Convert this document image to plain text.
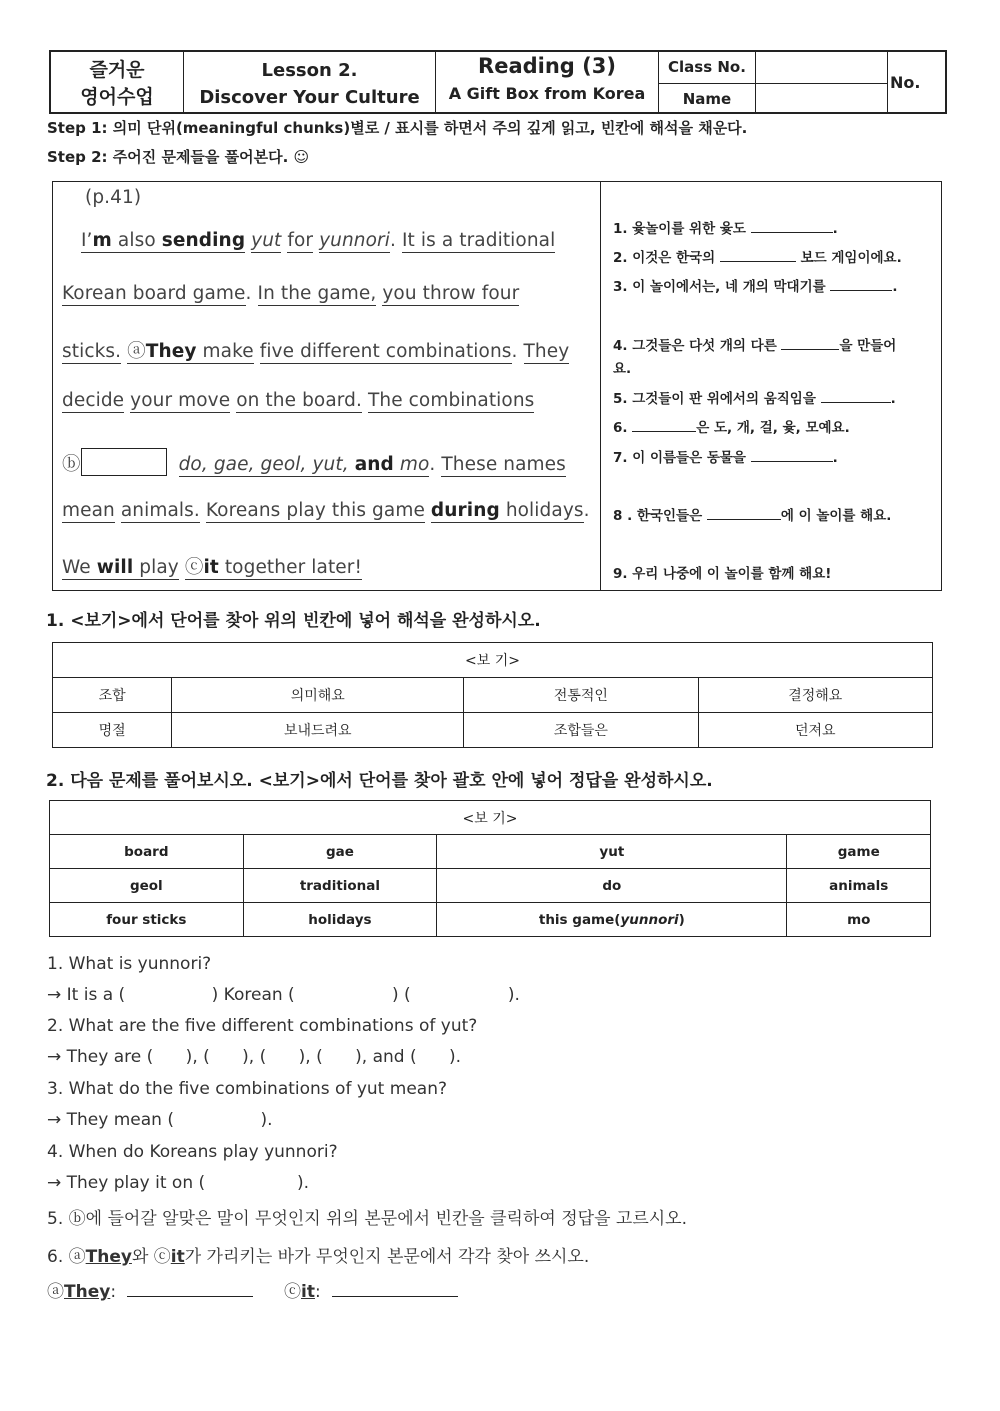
즐거운
영어수업
Lesson 2.
Discover Your Culture
Reading (3)
A Gift Box from Korea
Class No.
Name
No.
Step 1: 의미 단위(meaningful chunks)별로 / 표시를 하면서 주의 깊게 읽고, 빈칸에 해석을 채운다.
Step 2: 주어진 문제들을 풀어본다. ☺
(p.41)
I’m also sending yut for yunnori. It is a traditional
Korean board game. In the game, you throw four
sticks. ⓐThey make five different combinations. They
decide your move on the board. The combinations
ⓑ	do, gae, geol, yut, and mo. These names
mean animals. Koreans play this game during holidays.
We will play ⓒit together later!
1. 윷놀이를 위한 윷도	.
2. 이것은 한국의	보드 게임이에요.
3. 이 놀이에서는, 네 개의 막대기를	.
4. 그것들은 다섯 개의 다른	을 만들어
요.
5. 그것들이 판 위에서의 움직임을	.
6.	은 도, 개, 걸, 윷, 모예요.
7. 이 이름들은 동물을	.
8 . 한국인들은	에 이 놀이를 해요.
9. 우리 나중에 이 놀이를 함께 해요!
1. <보기>에서 단어를 찾아 위의 빈칸에 넣어 해석을 완성하시오.
<보 기>			
조합	의미해요	전통적인	결정해요
명절	보내드려요	조합들은	던져요
2. 다음 문제를 풀어보시오. <보기>에서 단어를 찾아 괄호 안에 넣어 정답을 완성하시오.
<보 기>			
board	gae	yut	game
geol	traditional	do	animals
four sticks	holidays	this game(yunnori)	mo
1. What is yunnori?
→ It is a (                ) Korean (                  ) (                  ).
2. What are the five different combinations of yut?
→ They are (      ), (      ), (      ), (      ), and (      ).
3. What do the five combinations of yut mean?
→ They mean (                ).
4. When do Koreans play yunnori?
→ They play it on (                 ).
5. ⓑ에 들어갈 알맞은 말이 무엇인지 위의 본문에서 빈칸을 클릭하여 정답을 고르시오.
6. ⓐThey와 ⓒit가 가리키는 바가 무엇인지 본문에서 각각 찾아 쓰시오.
ⓐThey:	ⓒit:
